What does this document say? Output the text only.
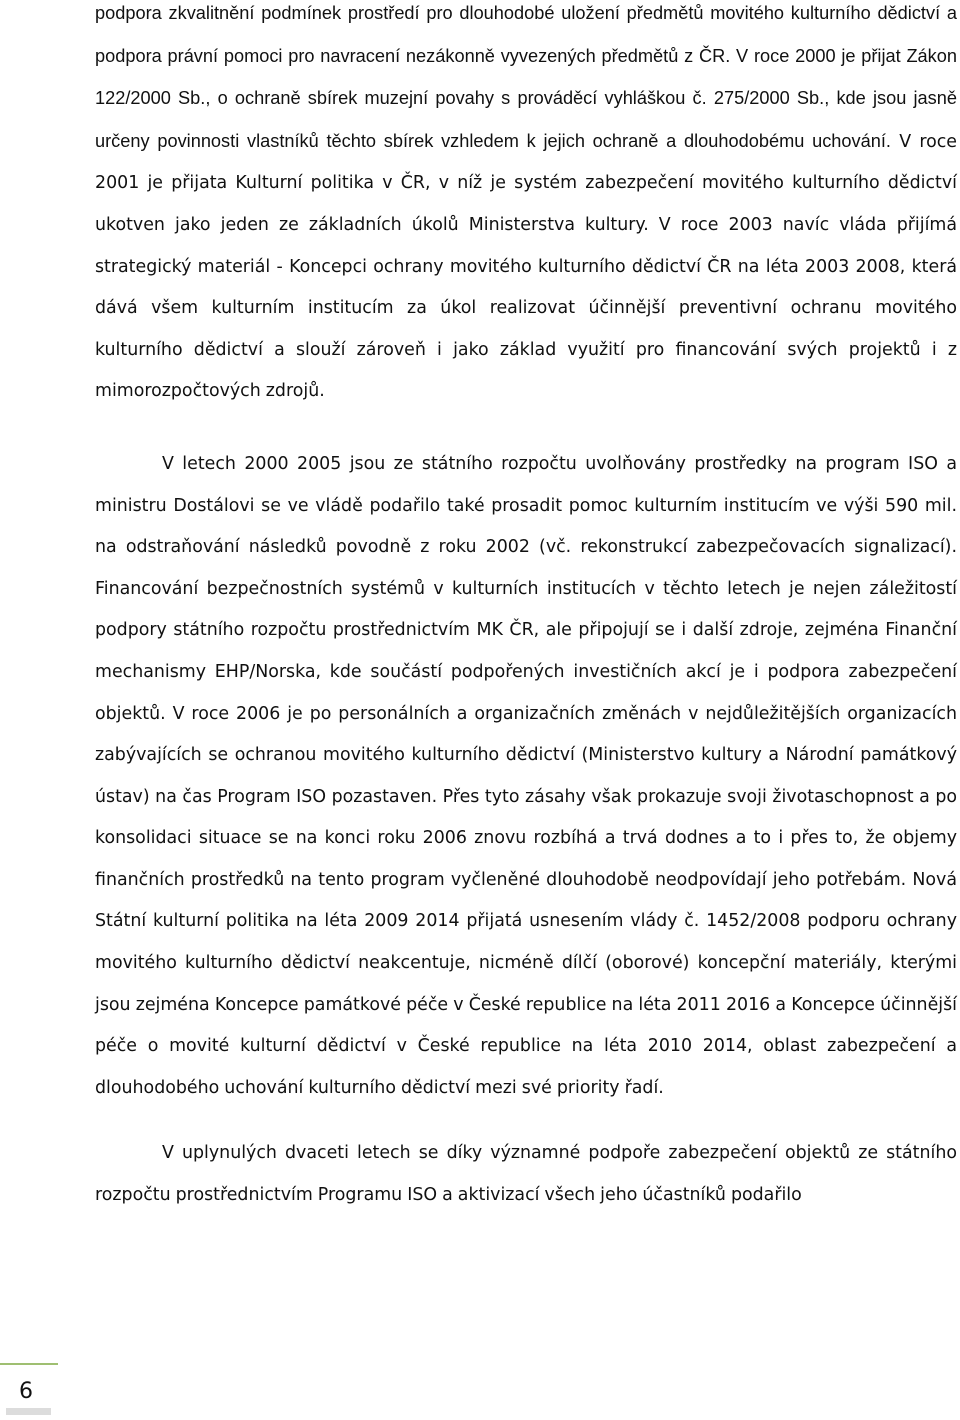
podpora zkvalitnění podmínek prostředí pro dlouhodobé uložení předmětů movitého kulturního dědictví a podpora právní pomoci pro navracení nezákonně vyvezených předmětů z ČR. V roce 2000 je přijat Zákon 122/2000 Sb., o ochraně sbírek muzejní povahy s prováděcí vyhláškou č. 275/2000 Sb., kde jsou jasně určeny povinnosti vlastníků těchto sbírek vzhledem k jejich ochraně a dlouhodobému uchování. V roce 2001 je přijata Kulturní politika v ČR, v níž je systém zabezpečení movitého kulturního dědictví ukotven jako jeden ze základních úkolů Ministerstva kultury. V roce 2003 navíc vláda přijímá strategický materiál - Koncepci ochrany movitého kulturního dědictví ČR na léta 2003 2008, která dává všem kulturním institucím za úkol realizovat účinnější preventivní ochranu movitého kulturního dědictví a slouží zároveň i jako základ využití pro financování svých projektů i z mimorozpočtových zdrojů.

V letech 2000 2005 jsou ze státního rozpočtu uvolňovány prostředky na program ISO a ministru Dostálovi se ve vládě podařilo také prosadit pomoc kulturním institucím ve výši 590 mil. na odstraňování následků povodně z roku 2002 (vč. rekonstrukcí zabezpečovacích signalizací). Financování bezpečnostních systémů v kulturních institucích v těchto letech je nejen záležitostí podpory státního rozpočtu prostřednictvím MK ČR, ale připojují se i další zdroje, zejména Finanční mechanismy EHP/Norska, kde součástí podpořených investičních akcí je i podpora zabezpečení objektů. V roce 2006 je po personálních a organizačních změnách v nejdůležitějších organizacích zabývajících se ochranou movitého kulturního dědictví (Ministerstvo kultury a Národní památkový ústav) na čas Program ISO pozastaven. Přes tyto zásahy však prokazuje svoji životaschopnost a po konsolidaci situace se na konci roku 2006 znovu rozbíhá a trvá dodnes a to i přes to, že objemy finančních prostředků na tento program vyčleněné dlouhodobě neodpovídají jeho potřebám. Nová Státní kulturní politika na léta 2009 2014 přijatá usnesením vlády č. 1452/2008 podporu ochrany movitého kulturního dědictví neakcentuje, nicméně dílčí (oborové) koncepční materiály, kterými jsou zejména Koncepce památkové péče v České republice na léta 2011 2016 a Koncepce účinnější péče o movité kulturní dědictví v České republice na léta 2010 2014, oblast zabezpečení a dlouhodobého uchování kulturního dědictví mezi své priority řadí.

V uplynulých dvaceti letech se díky významné podpoře zabezpečení objektů ze státního rozpočtu prostřednictvím Programu ISO a aktivizací všech jeho účastníků podařilo

6
